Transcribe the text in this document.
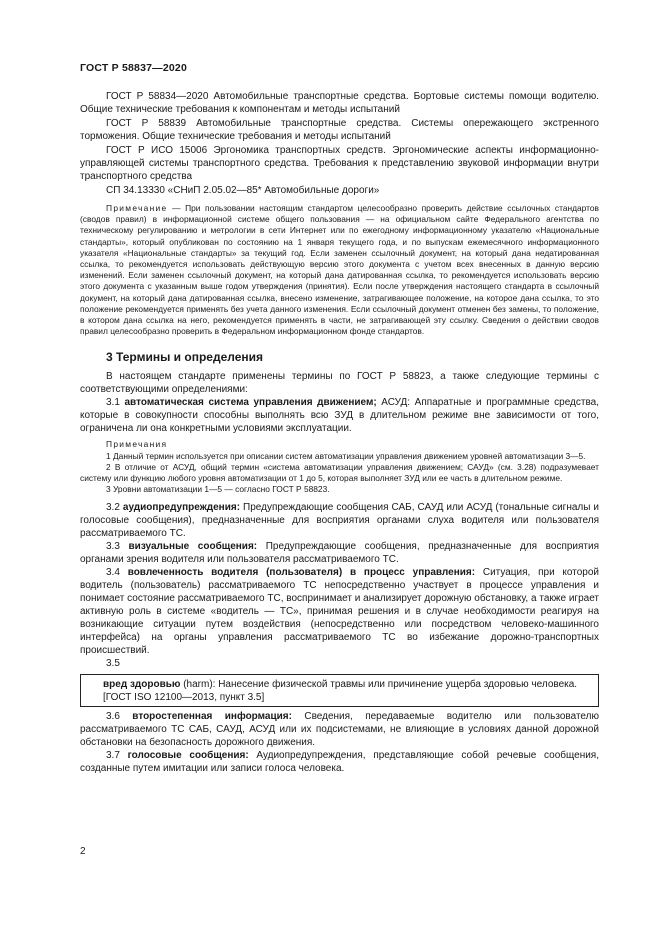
ГОСТ Р 58837—2020

ГОСТ Р 58834—2020 Автомобильные транспортные средства. Бортовые системы помощи водителю. Общие технические требования к компонентам и методы испытаний

ГОСТ Р 58839 Автомобильные транспортные средства. Системы опережающего экстренного торможения. Общие технические требования и методы испытаний

ГОСТ Р ИСО 15006 Эргономика транспортных средств. Эргономические аспекты информационно-управляющей системы транспортного средства. Требования к представлению звуковой информации внутри транспортного средства

СП 34.13330 «СНиП 2.05.02—85* Автомобильные дороги»

Примечание — При пользовании настоящим стандартом целесообразно проверить действие ссылочных стандартов (сводов правил) в информационной системе общего пользования — на официальном сайте Федерального агентства по техническому регулированию и метрологии в сети Интернет или по ежегодному информационному указателю «Национальные стандарты», который опубликован по состоянию на 1 января текущего года, и по выпускам ежемесячного информационного указателя «Национальные стандарты» за текущий год. Если заменен ссылочный документ, на который дана недатированная ссылка, то рекомендуется использовать действующую версию этого документа с учетом всех внесенных в данную версию изменений. Если заменен ссылочный документ, на который дана датированная ссылка, то рекомендуется использовать версию этого документа с указанным выше годом утверждения (принятия). Если после утверждения настоящего стандарта в ссылочный документ, на который дана датированная ссылка, внесено изменение, затрагивающее положение, на которое дана ссылка, то это положение рекомендуется применять без учета данного изменения. Если ссылочный документ отменен без замены, то положение, в котором дана ссылка на него, рекомендуется применять в части, не затрагивающей эту ссылку. Сведения о действии сводов правил целесообразно проверить в Федеральном информационном фонде стандартов.

3 Термины и определения

В настоящем стандарте применены термины по ГОСТ Р 58823, а также следующие термины с соответствующими определениями:

3.1 автоматическая система управления движением; АСУД: Аппаратные и программные средства, которые в совокупности способны выполнять всю ЗУД в длительном режиме вне зависимости от того, ограничена ли она конкретными условиями эксплуатации.

Примечания

1 Данный термин используется при описании систем автоматизации управления движением уровней автоматизации 3—5.

2 В отличие от АСУД, общий термин «система автоматизации управления движением; САУД» (см. 3.28) подразумевает систему или функцию любого уровня автоматизации от 1 до 5, которая выполняет ЗУД или ее часть в длительном режиме.

3 Уровни автоматизации 1—5 — согласно ГОСТ Р 58823.

3.2 аудиопредупреждения: Предупреждающие сообщения САБ, САУД или АСУД (тональные сигналы и голосовые сообщения), предназначенные для восприятия органами слуха водителя или пользователя рассматриваемого ТС.

3.3 визуальные сообщения: Предупреждающие сообщения, предназначенные для восприятия органами зрения водителя или пользователя рассматриваемого ТС.

3.4 вовлеченность водителя (пользователя) в процесс управления: Ситуация, при которой водитель (пользователь) рассматриваемого ТС непосредственно участвует в процессе управления и понимает состояние рассматриваемого ТС, воспринимает и анализирует дорожную обстановку, а также играет активную роль в системе «водитель — ТС», принимая решения и в случае необходимости реагируя на возникающие ситуации путем воздействия (непосредственно или посредством человеко-машинного интерфейса) на органы управления рассматриваемого ТС во избежание дорожно-транспортных происшествий.

3.5

вред здоровью (harm): Нанесение физической травмы или причинение ущерба здоровью человека.

[ГОСТ ISO 12100—2013, пункт 3.5]

3.6 второстепенная информация: Сведения, передаваемые водителю или пользователю рассматриваемого ТС САБ, САУД, АСУД или их подсистемами, не влияющие в условиях данной дорожной обстановки на безопасность дорожного движения.

3.7 голосовые сообщения: Аудиопредупреждения, представляющие собой речевые сообщения, созданные путем имитации или записи голоса человека.

2
